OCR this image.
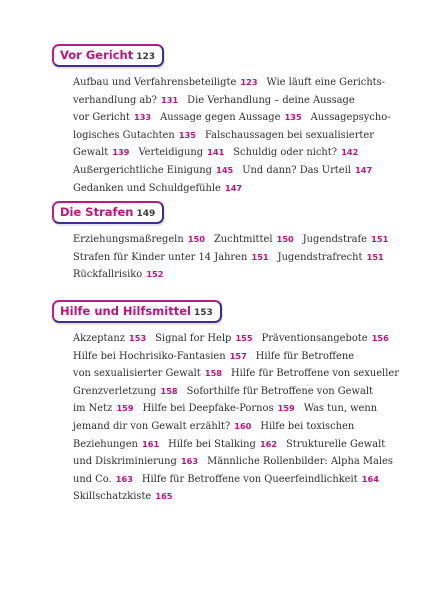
Vor Gericht 123
Aufbau und Verfahrensbeteiligte 123 Wie läuft eine Gerichts-
verhandlung ab? 131 Die Verhandlung – deine Aussage
vor Gericht 133 Aussage gegen Aussage 135 Aussagepsycho-
logisches Gutachten 135 Falschaussagen bei sexualisierter
Gewalt 139 Verteidigung 141 Schuldig oder nicht? 142
Außergerichtliche Einigung 145 Und dann? Das Urteil 147
Gedanken und Schuldgefühle 147
Die Strafen 149
Erziehungsmaßregeln 150 Zuchtmittel 150 Jugendstrafe 151
Strafen für Kinder unter 14 Jahren 151 Jugendstrafrecht 151
Rückfallrisiko 152
Hilfe und Hilfsmittel 153
Akzeptanz 153 Signal for Help 155 Präventionsangebote 156
Hilfe bei Hochrisiko-Fantasien 157 Hilfe für Betroffene
von sexualisierter Gewalt 158 Hilfe für Betroffene von sexueller
Grenzverletzung 158 Soforthilfe für Betroffene von Gewalt
im Netz 159 Hilfe bei Deepfake-Pornos 159 Was tun, wenn
jemand dir von Gewalt erzählt? 160 Hilfe bei toxischen
Beziehungen 161 Hilfe bei Stalking 162 Strukturelle Gewalt
und Diskriminierung 163 Männliche Rollenbilder: Alpha Males
und Co. 163 Hilfe für Betroffene von Queerfeindlichkeit 164
Skillschatzkiste 165
